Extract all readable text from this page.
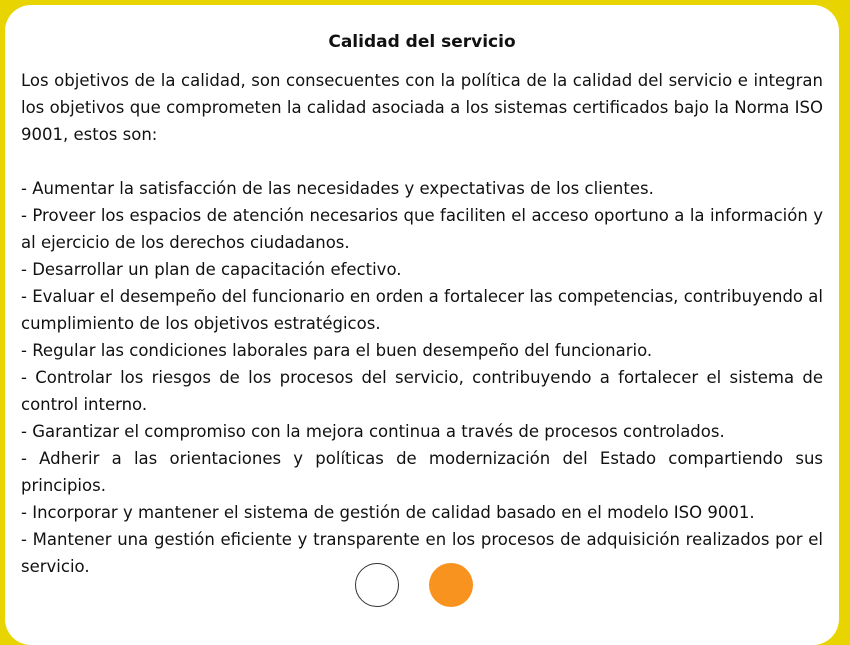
Calidad del servicio

Los objetivos de la calidad, son consecuentes con la política de la calidad del servicio e integran los objetivos que comprometen la calidad asociada a los sistemas certificados bajo la Norma ISO 9001, estos son:

- Aumentar la satisfacción de las necesidades y expectativas de los clientes.

- Proveer los espacios de atención necesarios que faciliten el acceso oportuno a la información y al ejercicio de los derechos ciudadanos.

- Desarrollar un plan de capacitación efectivo.

- Evaluar el desempeño del funcionario en orden a fortalecer las competencias, contribuyendo al cumplimiento de los objetivos estratégicos.

- Regular las condiciones laborales para el buen desempeño del funcionario.

- Controlar los riesgos de los procesos del servicio, contribuyendo a fortalecer el sistema de control interno.

- Garantizar el compromiso con la mejora continua a través de procesos controlados.

- Adherir a las orientaciones y políticas de modernización del Estado compartiendo sus principios.

- Incorporar y mantener el sistema de gestión de calidad basado en el modelo ISO 9001.

- Mantener una gestión eficiente y transparente en los procesos de adquisición realizados por el servicio.
